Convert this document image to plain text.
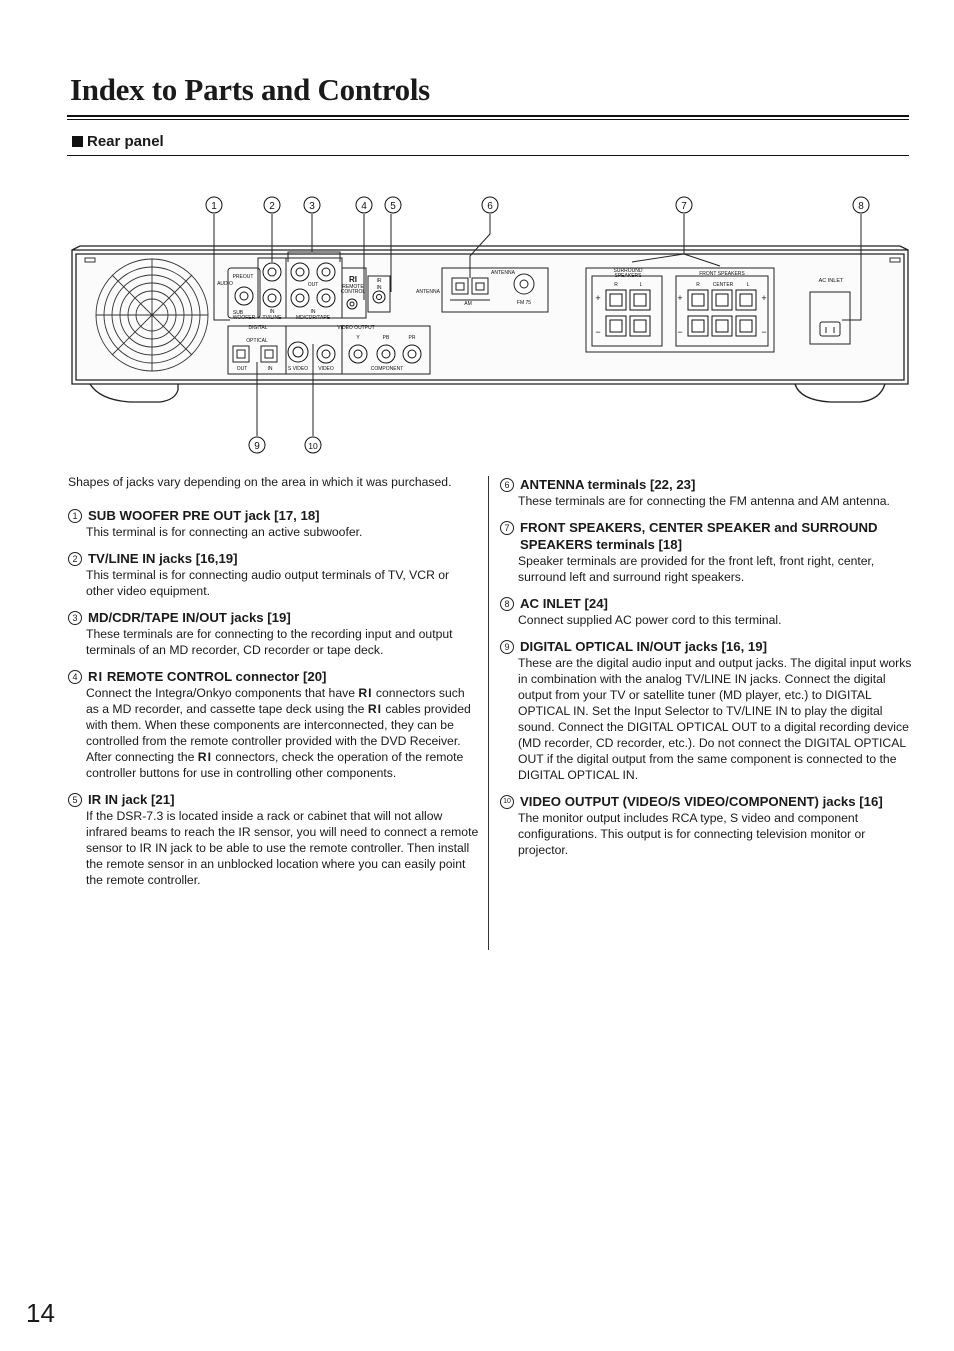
Index to Parts and Controls
Rear panel
PREOUT
AUDIO
SUB
WOOFER
IN
TV/LINE
OUT
IN
MD/CDR/TAPE
RI
REMOTE
CONTROL
IR
IN
DIGITAL
OPTICAL
OUT	IN
VIDEO OUTPUT
S VIDEO VIDEO
Y	PB	PR
COMPONENT
ANTENNA
ANTENNA
AM	FM 75
SURROUND
SPEAKERS
R	L
FRONT SPEAKERS
R	CENTER	L
+
−
+
−
+
−
AC INLET
1	2	3	4 5	6	7	8
9	10
Shapes of jacks vary depending on the area in which it was purchased.
1 SUB WOOFER PRE OUT jack [17, 18]
This terminal is for connecting an active subwoofer.
2 TV/LINE IN jacks [16,19]
This terminal is for connecting audio output terminals of TV, VCR or other video equipment.
3 MD/CDR/TAPE IN/OUT jacks [19]
These terminals are for connecting to the recording input and output terminals of an MD recorder, CD recorder or tape deck.
4 RI REMOTE CONTROL connector [20]
Connect the Integra/Onkyo components that have RI connectors such as a MD recorder, and cassette tape deck using the RI cables provided with them. When these components are interconnected, they can be controlled from the remote controller provided with the DVD Receiver.
After connecting the RI connectors, check the operation of the remote controller buttons for use in controlling other components.
5 IR IN jack [21]
If the DSR-7.3 is located inside a rack or cabinet that will not allow infrared beams to reach the IR sensor, you will need to connect a remote sensor to IR IN jack to be able to use the remote controller. Then install the remote sensor in an unblocked location where you can easily point the remote controller.
6 ANTENNA terminals [22, 23]
These terminals are for connecting the FM antenna and AM antenna.
7 FRONT SPEAKERS, CENTER SPEAKER and SURROUND SPEAKERS terminals [18]
Speaker terminals are provided for the front left, front right, center, surround left and surround right speakers.
8 AC INLET [24]
Connect supplied AC power cord to this terminal.
9 DIGITAL OPTICAL IN/OUT jacks [16, 19]
These are the digital audio input and output jacks. The digital input works in combination with the analog TV/LINE IN jacks. Connect the digital output from your TV or satellite tuner (MD player, etc.) to DIGITAL OPTICAL IN. Set the Input Selector to TV/LINE IN to play the digital sound. Connect the DIGITAL OPTICAL OUT to a digital recording device (MD recorder, CD recorder, etc.). Do not connect the DIGITAL OPTICAL OUT if the digital output from the same component is connected to the DIGITAL OPTICAL IN.
10 VIDEO OUTPUT (VIDEO/S VIDEO/COMPONENT) jacks [16]
The monitor output includes RCA type, S video and component configurations. This output is for connecting television monitor or projector.
14
